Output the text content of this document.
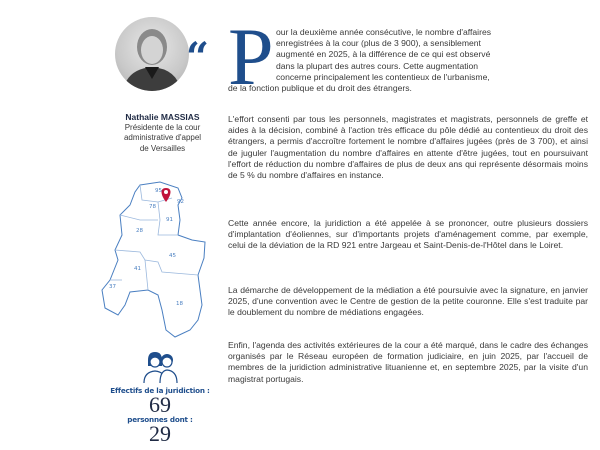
“
Nathalie MASSIAS
Présidente de la cour
administrative d'appel
de Versailles
95
78
92
91
28
45
41
37
18
Effectifs de la juridiction :
69
personnes dont :
29
P our la deuxième année consécutive, le nombre d'affaires
enregistrées à la cour (plus de 3 900), a sensiblement
augmenté en 2025, à la différence de ce qui est observé
dans la plupart des autres cours. Cette augmentation
concerne principalement les contentieux de l'urbanisme,
de la fonction publique et du droit des étrangers.
L'effort consenti par tous les personnels, magistrates et magistrats, personnels de greffe et aides à la décision, combiné à l'action très efficace du pôle dédié au contentieux du droit des étrangers, a permis d'accroître fortement le nombre d'affaires jugées (près de 3 700), et ainsi de juguler l'augmentation du nombre d'affaires en attente d'être jugées, tout en poursuivant l'effort de réduction du nombre d'affaires de plus de deux ans qui représente désormais moins de 5 % du nombre d'affaires en instance.
Cette année encore, la juridiction a été appelée à se prononcer, outre plusieurs dossiers d'implantation d'éoliennes, sur d'importants projets d'aménagement comme, par exemple, celui de la déviation de la RD 921 entre Jargeau et Saint-Denis-de-l'Hôtel dans le Loiret.
La démarche de développement de la médiation a été poursuivie avec la signature, en janvier 2025, d'une convention avec le Centre de gestion de la petite couronne. Elle s'est traduite par le doublement du nombre de médiations engagées.
Enfin, l'agenda des activités extérieures de la cour a été marqué, dans le cadre des échanges organisés par le Réseau européen de formation judiciaire, en juin 2025, par l'accueil de membres de la juridiction administrative lituanienne et, en septembre 2025, par la visite d'un magistrat portugais.
